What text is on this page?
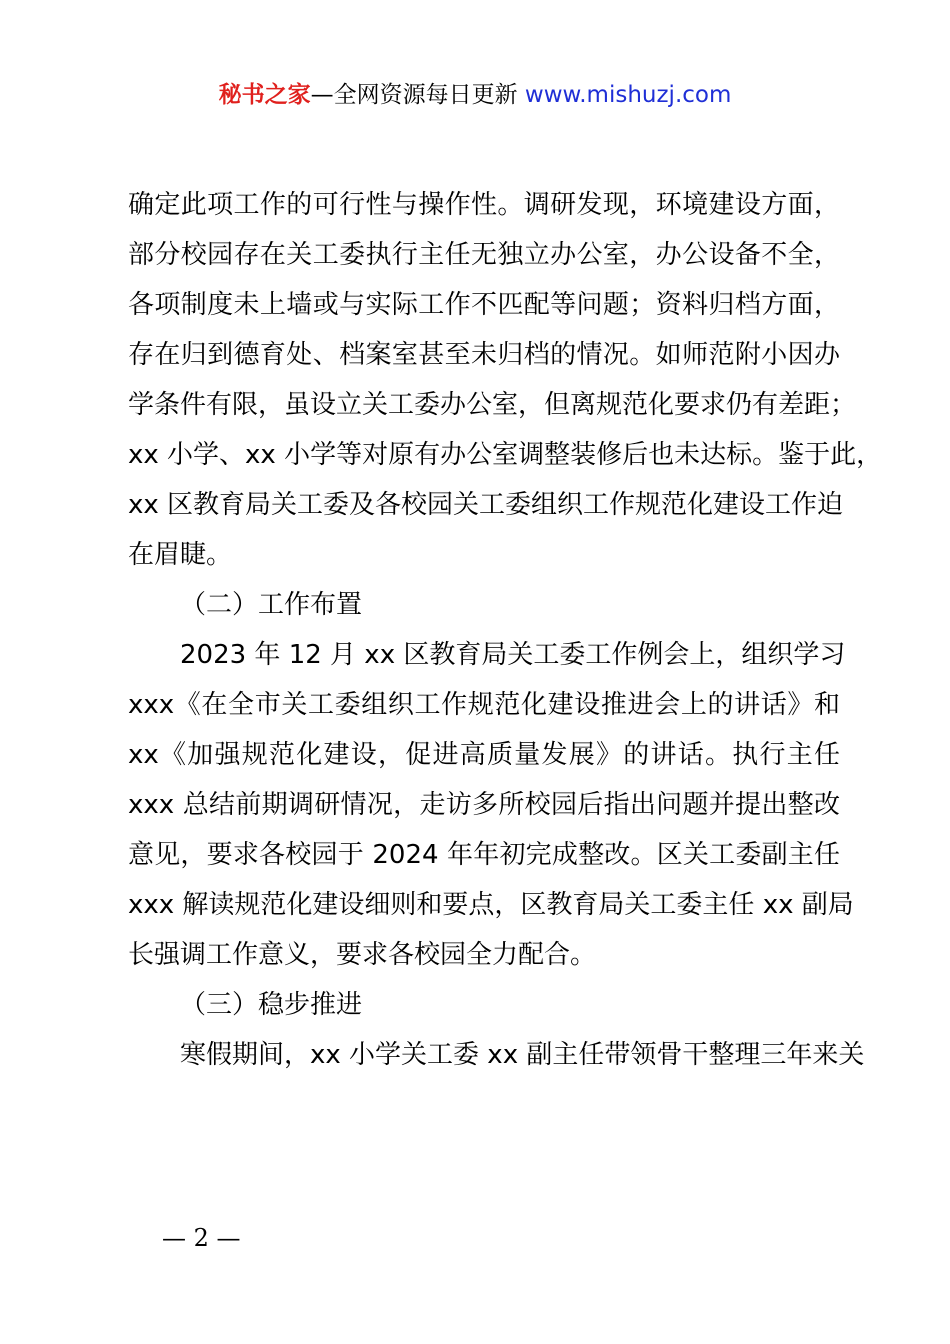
秘书之家—全网资源每日更新 www.mishuzj.com
确定此项工作的可行性与操作性。调研发现，环境建设方面，
部分校园存在关工委执行主任无独立办公室，办公设备不全，
各项制度未上墙或与实际工作不匹配等问题；资料归档方面，
存在归到德育处、档案室甚至未归档的情况。如师范附小因办
学条件有限，虽设立关工委办公室，但离规范化要求仍有差距；
xx 小学、xx 小学等对原有办公室调整装修后也未达标。鉴于此，
xx 区教育局关工委及各校园关工委组织工作规范化建设工作迫
在眉睫。
（二）工作布置
2023 年 12 月 xx 区教育局关工委工作例会上，组织学习
xxx《在全市关工委组织工作规范化建设推进会上的讲话》和
xx《加强规范化建设，促进高质量发展》的讲话。执行主任
xxx 总结前期调研情况，走访多所校园后指出问题并提出整改
意见，要求各校园于 2024 年年初完成整改。区关工委副主任
xxx 解读规范化建设细则和要点，区教育局关工委主任 xx 副局
长强调工作意义，要求各校园全力配合。
（三）稳步推进
寒假期间，xx 小学关工委 xx 副主任带领骨干整理三年来关
— 2 —
